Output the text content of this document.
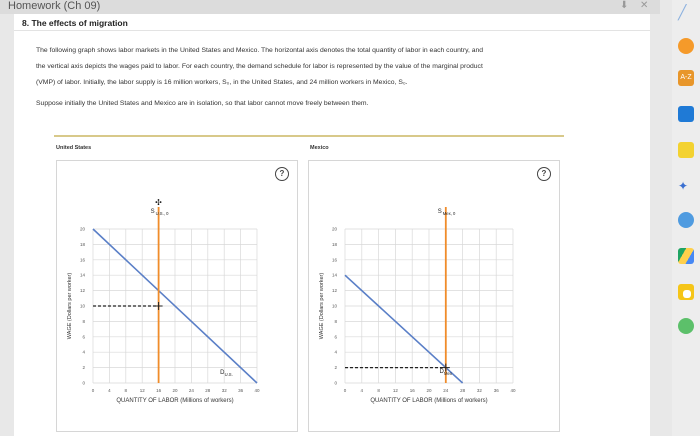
Homework (Ch 09)	⬇ ✕
8. The effects of migration
The following graph shows labor markets in the United States and Mexico. The horizontal axis denotes the total quantity of labor in each country, and
the vertical axis depicts the wages paid to labor. For each country, the demand schedule for labor is represented by the value of the marginal product
(VMP) of labor. Initially, the labor supply is 16 million workers, S₀, in the United States, and 24 million workers in Mexico, S₀.
Suppose initially the United States and Mexico are in isolation, so that labor cannot move freely between them.
United States	Mexico
?
0	4	8	12	16	20	24	28	32	36	40
0
2
4
6
8
10
12
14
16
18
20
QUANTITY OF LABOR (Millions of workers)
WAGE (Dollars per worker)
S U.S., 0
D U.S.
✣
?
0	4	8	12	16	20	24	28	32	36	40
0
2
4
6
8
10
12
14
16
18
20
QUANTITY OF LABOR (Millions of workers)
WAGE (Dollars per worker)
S Mex, 0
D Mex
╱
A-Z
✦
